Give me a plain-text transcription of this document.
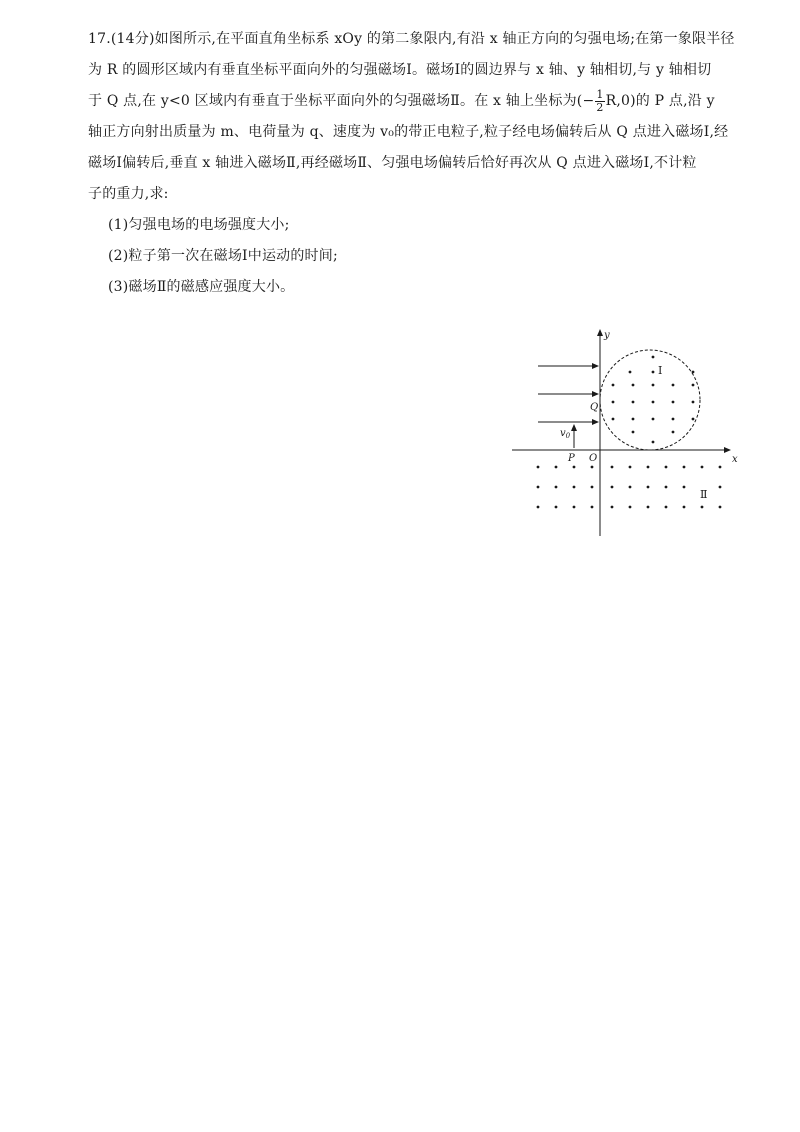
17.(14分)如图所示,在平面直角坐标系 xOy 的第二象限内,有沿 x 轴正方向的匀强电场;在第一象限半径
为 R 的圆形区域内有垂直坐标平面向外的匀强磁场Ⅰ。磁场Ⅰ的圆边界与 x 轴、y 轴相切,与 y 轴相切
于 Q 点,在 y<0 区域内有垂直于坐标平面向外的匀强磁场Ⅱ。在 x 轴上坐标为(− $\frac{1}{2} R,0$)的 P 点,沿 y
轴正方向射出质量为 m、电荷量为 q、速度为 v₀的带正电粒子,粒子经电场偏转后从 Q 点进入磁场Ⅰ,经
磁场Ⅰ偏转后,垂直 x 轴进入磁场Ⅱ,再经磁场Ⅱ、匀强电场偏转后恰好再次从 Q 点进入磁场Ⅰ,不计粒
子的重力,求:

(1)匀强电场的电场强度大小;

(2)粒子第一次在磁场Ⅰ中运动的时间;

(3)磁场Ⅱ的磁感应强度大小。

y
x
O
P
Q
$v_0$
Ⅰ
Ⅱ
